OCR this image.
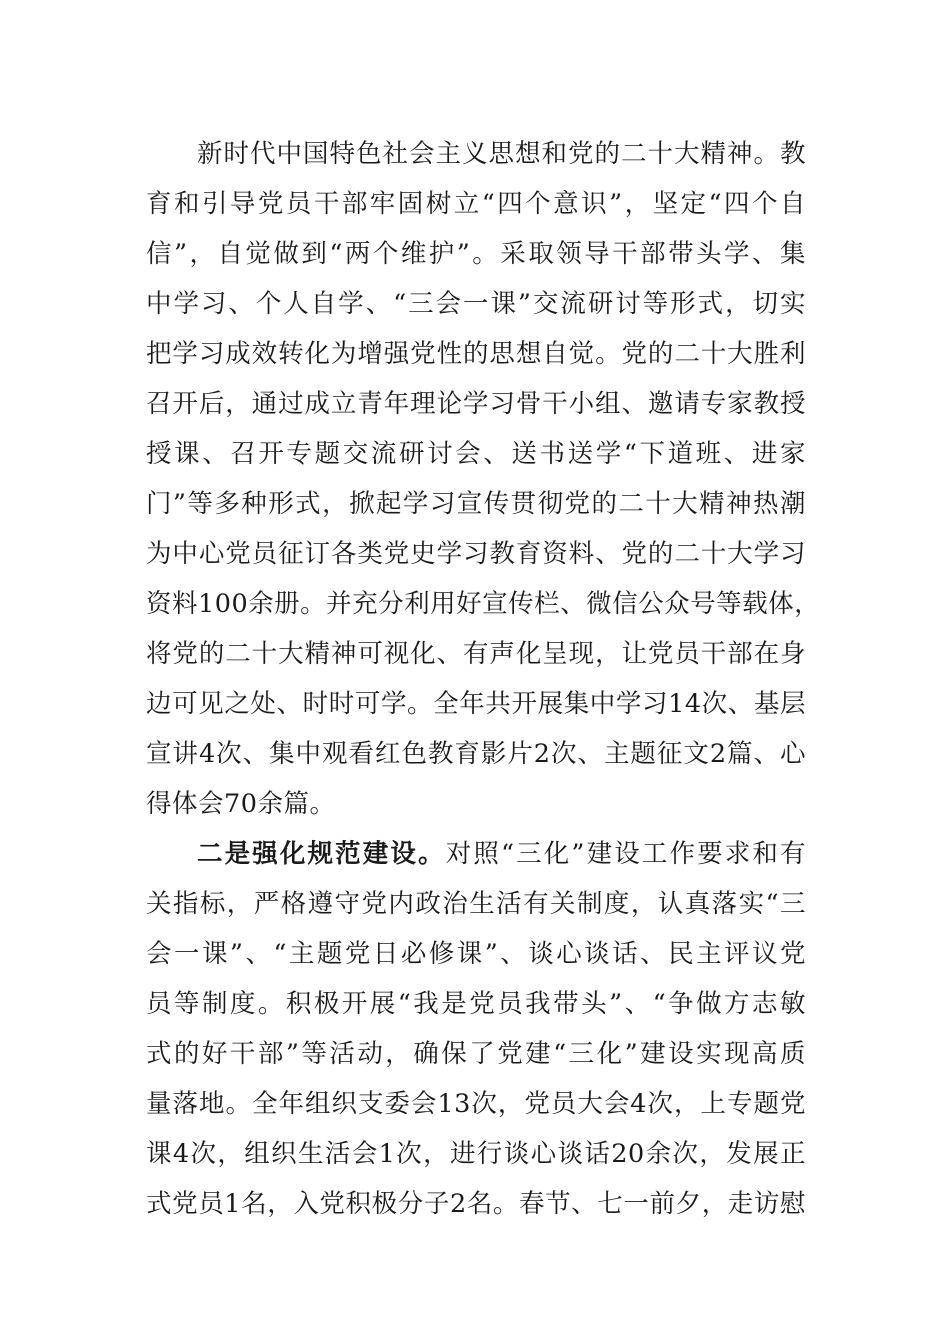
新时代中国特色社会主义思想和党的二十大精神。教
育和引导党员干部牢固树立“四个意识”，坚定“四个自
信”，自觉做到“两个维护”。采取领导干部带头学、集
中学习、个人自学、“三会一课”交流研讨等形式，切实
把学习成效转化为增强党性的思想自觉。党的二十大胜利
召开后，通过成立青年理论学习骨干小组、邀请专家教授
授课、召开专题交流研讨会、送书送学“下道班、进家
门”等多种形式，掀起学习宣传贯彻党的二十大精神热潮
为中心党员征订各类党史学习教育资料、党的二十大学习
资料100余册。并充分利用好宣传栏、微信公众号等载体，
将党的二十大精神可视化、有声化呈现，让党员干部在身
边可见之处、时时可学。全年共开展集中学习14次、基层
宣讲4次、集中观看红色教育影片2次、主题征文2篇、心
得体会70余篇。
二是强化规范建设。对照“三化”建设工作要求和有
关指标，严格遵守党内政治生活有关制度，认真落实“三
会一课”、“主题党日必修课”、谈心谈话、民主评议党
员等制度。积极开展“我是党员我带头”、“争做方志敏
式的好干部”等活动，确保了党建“三化”建设实现高质
量落地。全年组织支委会13次，党员大会4次，上专题党
课4次，组织生活会1次，进行谈心谈话20余次，发展正
式党员1名，入党积极分子2名。春节、七一前夕，走访慰
